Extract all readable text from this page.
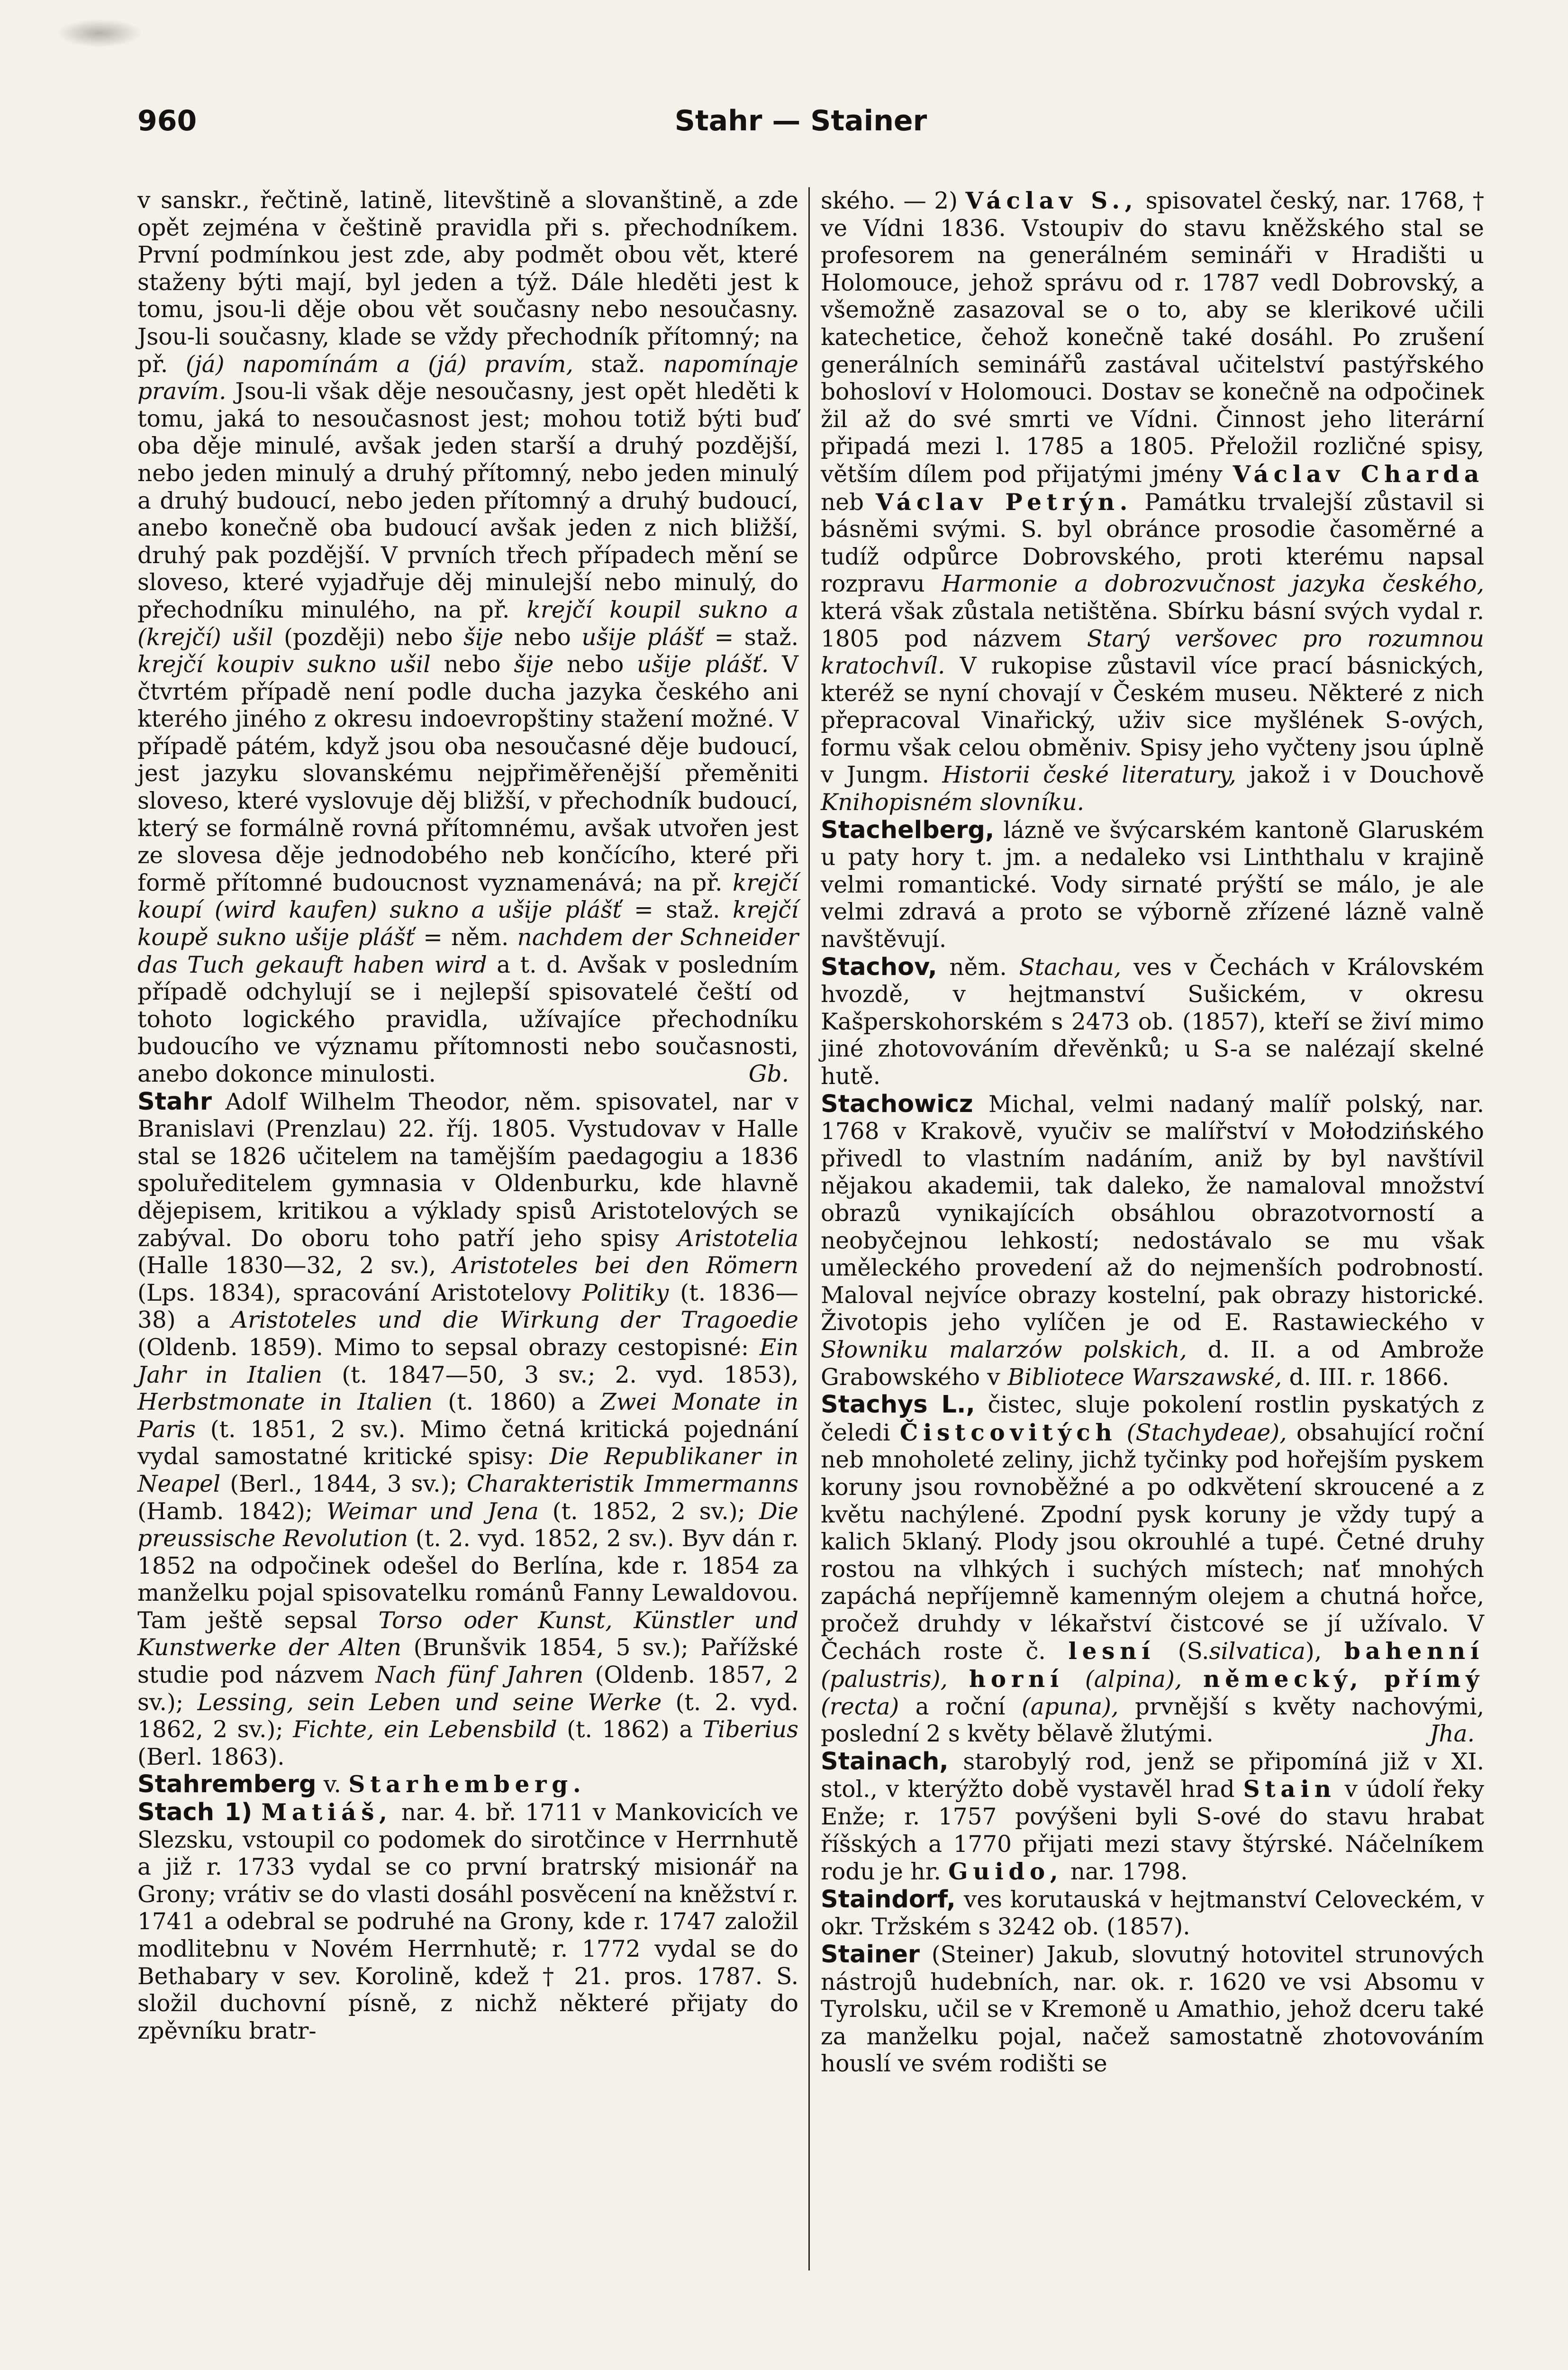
960	Stahr — Stainer

v sanskr., řečtině, latině, litevštině a slovanštině, a zde opět zejména v češtině pravidla při s. přechodníkem. První podmínkou jest zde, aby podmět obou vět, které staženy býti mají, byl jeden a týž. Dále hleděti jest k tomu, jsou-li děje obou vět současny nebo nesoučasny. Jsou-li současny, klade se vždy přechodník přítomný; na př. (já) napomínám a (já) pravím, staž. napomínaje pravím. Jsou-li však děje nesoučasny, jest opět hleděti k tomu, jaká to nesoučasnost jest; mohou totiž býti buď oba děje minulé, avšak jeden starší a druhý pozdější, nebo jeden minulý a druhý přítomný, nebo jeden minulý a druhý budoucí, nebo jeden přítomný a druhý budoucí, anebo konečně oba budoucí avšak jeden z nich bližší, druhý pak pozdější. V prvních třech případech mění se sloveso, které vyjadřuje děj minulejší nebo minulý, do přechodníku minulého, na př. krejčí koupil sukno a (krejčí) ušil (později) nebo šije nebo ušije plášť = staž. krejčí koupiv sukno ušil nebo šije nebo ušije plášť. V čtvrtém případě není podle ducha jazyka českého ani kterého jiného z okresu indoevropštiny stažení možné. V případě pátém, když jsou oba nesoučasné děje budoucí, jest jazyku slovanskému nejpřiměřenější přeměniti sloveso, které vyslovuje děj bližší, v přechodník budoucí, který se formálně rovná přítomnému, avšak utvořen jest ze slovesa děje jednodobého neb končícího, které při formě přítomné budoucnost vyznamenává; na př. krejčí koupí (wird kaufen) sukno a ušije plášť = staž. krejčí koupě sukno ušije plášť = něm. nachdem der Schneider das Tuch gekauft haben wird a t. d. Avšak v posledním případě odchylují se i nejlepší spisovatelé čeští od tohoto logického pravidla, užívajíce přechodníku budoucího ve významu přítomnosti nebo současnosti, anebo dokonce minulosti.	Gb.

Stahr Adolf Wilhelm Theodor, něm. spisovatel, nar v Branislavi (Prenzlau) 22. říj. 1805. Vystudovav v Halle stal se 1826 učitelem na tamějším paedagogiu a 1836 spoluředitelem gymnasia v Oldenburku, kde hlavně dějepisem, kritikou a výklady spisů Aristotelových se zabýval. Do oboru toho patří jeho spisy Aristotelia (Halle 1830—32, 2 sv.), Aristoteles bei den Römern (Lps. 1834), spracování Aristotelovy Politiky (t. 1836—38) a Aristoteles und die Wirkung der Tragoedie (Oldenb. 1859). Mimo to sepsal obrazy cestopisné: Ein Jahr in Italien (t. 1847—50, 3 sv.; 2. vyd. 1853), Herbstmonate in Italien (t. 1860) a Zwei Monate in Paris (t. 1851, 2 sv.). Mimo četná kritická pojednání vydal samostatné kritické spisy: Die Republikaner in Neapel (Berl., 1844, 3 sv.); Charakteristik Immermanns (Hamb. 1842); Weimar und Jena (t. 1852, 2 sv.); Die preussische Revolution (t. 2. vyd. 1852, 2 sv.). Byv dán r. 1852 na odpočinek odešel do Berlína, kde r. 1854 za manželku pojal spisovatelku románů Fanny Lewaldovou. Tam ještě sepsal Torso oder Kunst, Künstler und Kunstwerke der Alten (Brunšvik 1854, 5 sv.); Pařížské studie pod názvem Nach fünf Jahren (Oldenb. 1857, 2 sv.); Lessing, sein Leben und seine Werke (t. 2. vyd. 1862, 2 sv.); Fichte, ein Lebensbild (t. 1862) a Tiberius (Berl. 1863).

Stahremberg v. Starhemberg.

Stach 1) Matiáš, nar. 4. bř. 1711 v Mankovicích ve Slezsku, vstoupil co podomek do sirotčince v Herrnhutě a již r. 1733 vydal se co první bratrský misionář na Grony; vrátiv se do vlasti dosáhl posvěcení na kněžství r. 1741 a odebral se podruhé na Grony, kde r. 1747 založil modlitebnu v Novém Herrnhutě; r. 1772 vydal se do Bethabary v sev. Korolině, kdež † 21. pros. 1787. S. složil duchovní písně, z nichž některé přijaty do zpěvníku bratr-

ského. — 2) Václav S., spisovatel český, nar. 1768, † ve Vídni 1836. Vstoupiv do stavu kněžského stal se profesorem na generálném semináři v Hradišti u Holomouce, jehož správu od r. 1787 vedl Dobrovský, a všemožně zasazoval se o to, aby se klerikové učili katechetice, čehož konečně také dosáhl. Po zrušení generálních seminářů zastával učitelství pastýřského bohosloví v Holomouci. Dostav se konečně na odpočinek žil až do své smrti ve Vídni. Činnost jeho literární připadá mezi l. 1785 a 1805. Přeložil rozličné spisy, větším dílem pod přijatými jmény Václav Charda neb Václav Petrýn. Památku trvalejší zůstavil si básněmi svými. S. byl obránce prosodie časoměrné a tudíž odpůrce Dobrovského, proti kterému napsal rozpravu Harmonie a dobrozvučnost jazyka českého, která však zůstala netištěna. Sbírku básní svých vydal r. 1805 pod názvem Starý veršovec pro rozumnou kratochvíl. V rukopise zůstavil více prací básnických, kteréž se nyní chovají v Českém museu. Některé z nich přepracoval Vinařický, uživ sice myšlének S-ových, formu však celou obměniv. Spisy jeho vyčteny jsou úplně v Jungm. Historii české literatury, jakož i v Douchově Knihopisném slovníku.

Stachelberg, lázně ve švýcarském kantoně Glaruském u paty hory t. jm. a nedaleko vsi Linththalu v krajině velmi romantické. Vody sirnaté prýští se málo, je ale velmi zdravá a proto se výborně zřízené lázně valně navštěvují.

Stachov, něm. Stachau, ves v Čechách v Královském hvozdě, v hejtmanství Sušickém, v okresu Kašperskohorském s 2473 ob. (1857), kteří se živí mimo jiné zhotovováním dřevěnků; u S-a se nalézají skelné hutě.

Stachowicz Michal, velmi nadaný malíř polský, nar. 1768 v Krakově, vyučiv se malířství v Mołodzińského přivedl to vlastním nadáním, aniž by byl navštívil nějakou akademii, tak daleko, že namaloval množství obrazů vynikajících obsáhlou obrazotvorností a neobyčejnou lehkostí; nedostávalo se mu však uměleckého provedení až do nejmenších podrobností. Maloval nejvíce obrazy kostelní, pak obrazy historické. Životopis jeho vylíčen je od E. Rastawieckého v Słowniku malarzów polskich, d. II. a od Ambrože Grabowského v Bibliotece Warszawské, d. III. r. 1866.

Stachys L., čistec, sluje pokolení rostlin pyskatých z čeledi Čistcovitých (Stachydeae), obsahující roční neb mnoholeté zeliny, jichž tyčinky pod hořejším pyskem koruny jsou rovnoběžné a po odkvětení skroucené a z květu nachýlené. Zpodní pysk koruny je vždy tupý a kalich 5klaný. Plody jsou okrouhlé a tupé. Četné druhy rostou na vlhkých i suchých místech; nať mnohých zapáchá nepříjemně kamenným olejem a chutná hořce, pročež druhdy v lékařství čistcové se jí užívalo. V Čechách roste č. lesní (S.silvatica), bahenní (palustris), horní (alpina), německý, přímý (recta) a roční (apuna), prvnější s květy nachovými, poslední 2 s květy bělavě žlutými.	Jha.

Stainach, starobylý rod, jenž se připomíná již v XI. stol., v kterýžto době vystavěl hrad Stain v údolí řeky Enže; r. 1757 povýšeni byli S-ové do stavu hrabat říšských a 1770 přijati mezi stavy štýrské. Náčelníkem rodu je hr. Guido, nar. 1798.

Staindorf, ves korutauská v hejtmanství Celoveckém, v okr. Tržském s 3242 ob. (1857).

Stainer (Steiner) Jakub, slovutný hotovitel strunových nástrojů hudebních, nar. ok. r. 1620 ve vsi Absomu v Tyrolsku, učil se v Kremoně u Amathio, jehož dceru také za manželku pojal, načež samostatně zhotovováním houslí ve svém rodišti se
